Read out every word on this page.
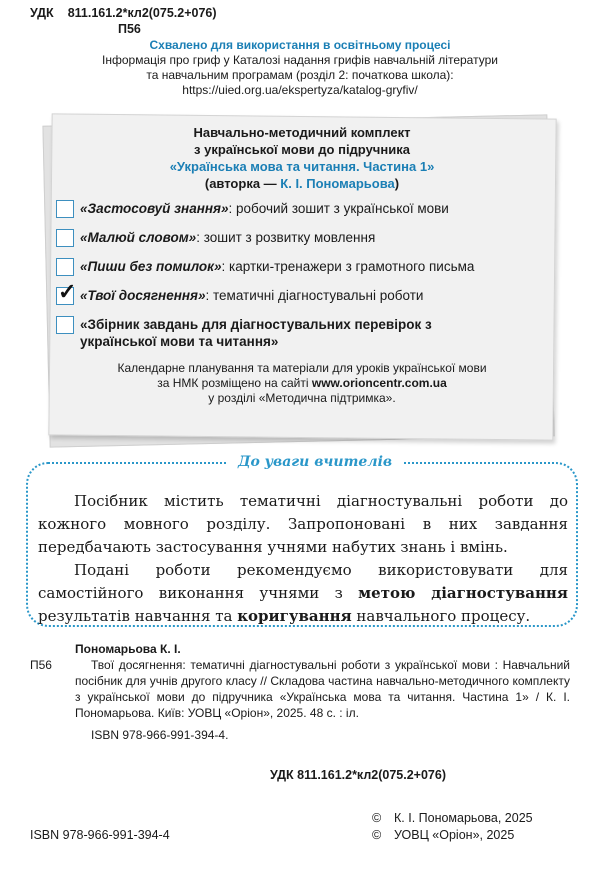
УДК 811.161.2*кл2(075.2+076)
П56
Схвалено для використання в освітньому процесі
Інформація про гриф у Каталозі надання грифів навчальній літератури
та навчальним програмам (розділ 2: початкова школа):
https://uied.org.ua/ekspertyza/katalog-gryfiv/
Навчально-методичний комплект
з української мови до підручника
«Українська мова та читання. Частина 1»
(авторка — К. І. Пономарьова)
«Застосовуй знання»: робочий зошит з української мови
«Малюй словом»: зошит з розвитку мовлення
«Пиши без помилок»: картки-тренажери з грамотного письма
✓ «Твої досягнення»: тематичні діагностувальні роботи
«Збірник завдань для діагностувальних перевірок з української мови та читання»
Календарне планування та матеріали для уроків української мови
за НМК розміщено на сайті www.orioncentr.com.ua
у розділі «Методична підтримка».
До уваги вчителів

Посібник містить тематичні діагностувальні роботи до кожного мовного розділу. Запропоновані в них завдання передбачають застосування учнями набутих знань і вмінь.

Подані роботи рекомендуємо використовувати для самостійного виконання учнями з метою діагностування результатів навчання та коригування навчального процесу.

Пономарьова К. І.
П56	Твої досягнення: тематичні діагностувальні роботи з української мови : Навчальний посібник для учнів другого класу // Складова частина навчально-методичного комплекту з української мови до підручника «Українська мова та читання. Частина 1» / К. І. Пономарьова. Київ: УОВЦ «Оріон», 2025. 48 с. : іл.
ISBN 978-966-991-394-4.
УДК 811.161.2*кл2(075.2+076)
ISBN 978-966-991-394-4
©	К. І. Пономарьова, 2025
©	УОВЦ «Оріон», 2025
